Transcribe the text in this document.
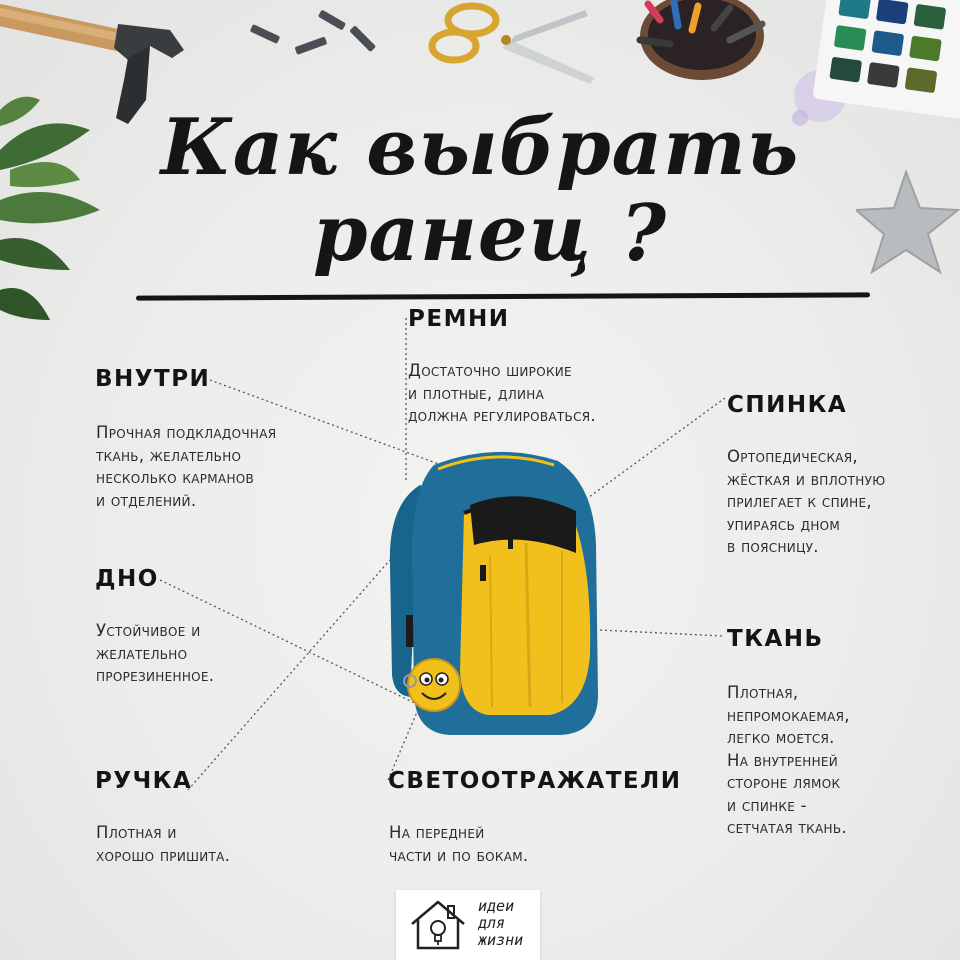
Как выбрать
ранец ?
ВНУТРИ
Прочная подкладочная
ткань, желательно
несколько карманов
и отделений.
РЕМНИ
Достаточно широкие
и плотные, длина
должна регулироваться.	СПИНКА
Ортопедическая,
жёсткая и вплотную
прилегает к спине,
упираясь дном
в поясницу.
ДНО
Устойчивое и
желательно
прорезиненное.
ТКАНЬ
Плотная,
непромокаемая,
легко моется.
На внутренней
стороне лямок
и спинке -
сетчатая ткань.
РУЧКА
Плотная и
хорошо пришита.
СВЕТООТРАЖАТЕЛИ
На передней
части и по бокам.
идеи
для
жизни
